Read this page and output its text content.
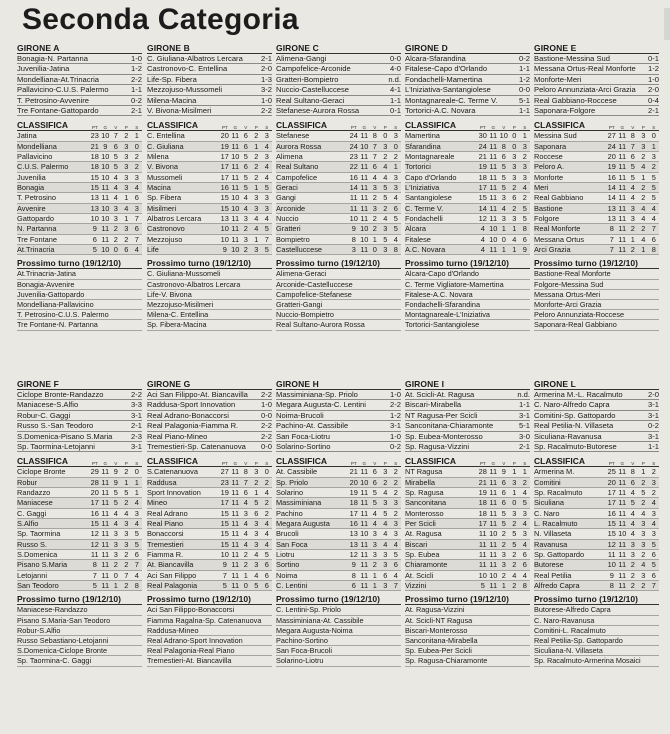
Seconda Categoria
GIRONE A
Bonagia-N. Partanna	1-0
Juvenilia-Jatina	1-2
Mondelliana-At.Trinacria	2-2
Pallavicino-C.U.S. Palermo	1-1
T. Petrosino-Avvenire	0-2
Tre Fontane-Gattopardo	2-1
CLASSIFICA	PT	G	V	P	S
Jatina	23 10 7 2 1
Mondelliana	21 9 6 3 0
Pallavicino	18 10 5 3 2
C.U.S. Palermo	18 10 5 3 2
Juvenilia	15 10 4 3 3
Bonagia	15 11 4 3 4
T. Petrosino	13 11 4 1 6
Avvenire	13 10 3 4 3
Gattopardo	10 10 3 1 7
N. Partanna	9 11 2 3 6
Tre Fontane	6 11 2 2 7
At.Trinacria	5 10 0 6 4
Prossimo turno (19/12/10)
At.Trinacria-Jatina
Bonagia-Avvenire
Juvenilia-Gattopardo
Mondelliana-Pallavicino
T. Petrosino-C.U.S. Palermo
Tre Fontane-N. Partanna
GIRONE B
C. Giuliana-Albatros Lercara	2-1
Castronovo-C. Entellina	2-0
Life-Sp. Fibera	1-3
Mezzojuso-Mussomeli	3-2
Milena-Macina	1-0
V. Bivona-Misilmeri	2-2
CLASSIFICA	PT	G	V	P	S
C. Entellina	20 11 6 2 3
C. Giuliana	19 11 6 1 4
Milena	17 10 5 2 3
V. Bivona	17 11 6 2 4
Mussomeli	17 11 5 2 4
Macina	16 11 5 1 5
Sp. Fibera	15 10 4 3 3
Misilmeri	15 10 4 3 3
Albatros Lercara	13 11 3 4 4
Castronovo	10 11 2 4 5
Mezzojuso	10 11 3 1 7
Life	9 10 2 3 5
Prossimo turno (19/12/10)
C. Giuliana-Mussomeli
Castronovo-Albatros Lercara
Life-V. Bivona
Mezzojuso-Misilmeri
Milena-C. Entellina
Sp. Fibera-Macina
GIRONE C
Alimena-Gangi	0-0
Campofelice-Arconide	4-0
Gratteri-Bompietro	n.d.
Nuccio-Castelluccese	4-1
Real Sultano-Geraci	1-1
Stefanese-Aurora Rossa	0-1
CLASSIFICA	PT	G	V	P	S
Stefanese	24 11 8 0 3
Aurora Rossa	24 10 7 3 0
Alimena	23 11 7 2 2
Real Sultano	22 11 6 4 1
Campofelice	16 11 4 4 3
Geraci	14 11 3 5 3
Gangi	11 11 2 5 4
Arconide	11 11 3 2 6
Nuccio	10 11 2 4 5
Gratteri	9 10 2 3 5
Bompietro	8 10 1 5 4
Castelluccese	3 11 0 3 8
Prossimo turno (19/12/10)
Alimena-Geraci
Arconide-Castelluccese
Campofelice-Stefanese
Gratteri-Gangi
Nuccio-Bompietro
Real Sultano-Aurora Rossa
GIRONE D
Alcara-Sfarandina	0-2
Fitalese-Capo d'Orlando	1-1
Fondachelli-Mamertina	1-2
L'Iniziativa-Santangiolese	0-0
Montagnareale-C. Terme V.	5-1
Tortorici-A.C. Novara	1-1
CLASSIFICA	PT	G	V	P	S
Mamertina	30 11 10 0 1
Sfarandina	24 11 8 0 3
Montagnareale	21 11 6 3 2
Tortorici	19 11 5 3 3
Capo d'Orlando	18 11 5 3 3
L'Iniziativa	17 11 5 2 4
Santangiolese	15 11 3 6 2
C. Terme V.	14 11 4 2 5
Fondachelli	12 11 3 3 5
Alcara	4 10 1 1 8
Fitalese	4 10 0 4 6
A.C. Novara	4 11 1 1 9
Prossimo turno (19/12/10)
Alcara-Capo d'Orlando
C. Terme Vigliatore-Mamertina
Fitalese-A.C. Novara
Fondachelli-Sfarandina
Montagnareale-L'Iniziativa
Tortorici-Santangiolese
GIRONE E
Bastione-Messina Sud	0-1
Messana Ortus-Real Monforte	1-2
Monforte-Meri	1-0
Peloro Annunziata-Arci Grazia	2-0
Real Gabbiano-Roccese	0-4
Saponara-Folgore	2-1
CLASSIFICA	PT	G	V	P	S
Messina Sud	27 11 8 3 0
Saponara	24 11 7 3 1
Roccese	20 11 6 2 3
Peloro A.	19 11 5 4 2
Monforte	16 11 5 1 5
Meri	14 11 4 2 5
Real Gabbiano	14 11 4 2 5
Bastione	13 11 3 4 4
Folgore	13 11 3 4 4
Real Monforte	8 11 2 2 7
Messana Ortus	7 11 1 4 6
Arci Grazia	7 11 2 1 8
Prossimo turno (19/12/10)
Bastione-Real Monforte
Folgore-Messina Sud
Messana Ortus-Meri
Monforte-Arci Grazia
Peloro Annunziata-Roccese
Saponara-Real Gabbiano
GIRONE F
Ciclope Bronte-Randazzo	2-2
Maniacese-S.Alfio	3-3
Robur-C. Gaggi	3-1
Russo S.-San Teodoro	2-1
S.Domenica-Pisano S.Maria	2-3
Sp. Taormina-Letojanni	3-1
CLASSIFICA	PT	G	V	P	S
Ciclope Bronte	29 11 9 2 0
Robur	28 11 9 1 1
Randazzo	20 11 5 5 1
Maniacese	17 11 5 2 4
C. Gaggi	16 11 4 4 3
S.Alfio	15 11 4 3 4
Sp. Taormina	12 11 3 3 5
Russo S.	12 11 3 3 5
S.Domenica	11 11 3 2 6
Pisano S.Maria	8 11 2 2 7
Letojanni	7 11 0 7 4
San Teodoro	5 11 1 2 8
Prossimo turno (19/12/10)
Maniacese-Randazzo
Pisano S.Maria-San Teodoro
Robur-S.Alfio
Russo Sebastiano-Letojanni
S.Domenica-Ciclope Bronte
Sp. Taormina-C. Gaggi
GIRONE G
Aci San Filippo-At. Biancavilla	2-2
Raddusa-Sport Innovation	1-0
Real Adrano-Bonaccorsi	0-0
Real Palagonia-Fiamma R.	2-2
Real Piano-Mineo	2-2
Tremestieri-Sp. Catenanuova	0-0
CLASSIFICA	PT	G	V	P	S
S.Catenanuova	27 11 8 3 0
Raddusa	23 11 7 2 2
Sport Innovation	19 11 6 1 4
Mineo	17 11 4 5 2
Real Adrano	15 11 3 6 2
Real Piano	15 11 4 3 4
Bonaccorsi	15 11 4 3 4
Tremestieri	15 11 4 3 4
Fiamma R.	10 11 2 4 5
At. Biancavilla	9 11 2 3 6
Aci San Filippo	7 11 1 4 6
Real Palagonia	5 11 0 5 6
Prossimo turno (19/12/10)
Aci San Filippo-Bonaccorsi
Fiamma Ragalna-Sp. Catenanuova
Raddusa-Mineo
Real Adrano-Sport Innovation
Real Palagonia-Real Piano
Tremestieri-At. Biancavilla
GIRONE H
Massiminiana-Sp. Priolo	1-0
Megara Augusta-C. Lentini	2-2
Noima-Brucoli	1-2
Pachino-At. Cassibile	3-1
San Foca-Liotru	1-0
Solarino-Sortino	0-2
CLASSIFICA	PT	G	V	P	S
At. Cassibile	21 11 6 3 2
Sp. Priolo	20 10 6 2 2
Solarino	19 11 5 4 2
Massiminiana	18 11 5 3 3
Pachino	17 11 4 5 2
Megara Augusta	16 11 4 4 3
Brucoli	13 10 3 4 3
San Foca	13 11 3 4 4
Liotru	12 11 3 3 5
Sortino	9 11 2 3 6
Noima	8 11 1 6 4
C. Lentini	6 11 1 3 7
Prossimo turno (19/12/10)
C. Lentini-Sp. Priolo
Massiminiana-At. Cassibile
Megara Augusta-Noima
Pachino-Sortino
San Foca-Brucoli
Solarino-Liotru
GIRONE I
At. Scicli-At. Ragusa	n.d.
Biscari-Mirabella	1-1
NT Ragusa-Per Scicli	3-1
Sanconitana-Chiaramonte	5-1
Sp. Eubea-Monterosso	3-0
Sp. Ragusa-Vizzini	2-1
CLASSIFICA	PT	G	V	P	S
NT Ragusa	28 11 9 1 1
Mirabella	21 11 6 3 2
Sp. Ragusa	19 11 6 1 4
Sanconitana	18 11 6 0 5
Monterosso	18 11 5 3 3
Per Scicli	17 11 5 2 4
At. Ragusa	11 10 2 5 3
Biscari	11 11 2 5 4
Sp. Eubea	11 11 3 2 6
Chiaramonte	11 11 3 2 6
At. Scicli	10 10 2 4 4
Vizzini	5 11 1 2 8
Prossimo turno (19/12/10)
At. Ragusa-Vizzini
At. Scicli-NT Ragusa
Biscari-Monterosso
Sanconitana-Mirabella
Sp. Eubea-Per Scicli
Sp. Ragusa-Chiaramonte
GIRONE L
Armerina M.-L. Racalmuto	2-0
C. Naro-Alfredo Capra	3-1
Comitini-Sp. Gattopardo	3-1
Real Petilia-N. Villaseta	0-2
Siculiana-Ravanusa	3-1
Sp. Racalmuto-Butorese	1-1
CLASSIFICA	PT	G	V	P	S
Armerina M.	25 11 8 1 2
Comitini	20 11 6 2 3
Sp. Racalmuto	17 11 4 5 2
Siculiana	17 11 5 2 4
C. Naro	16 11 4 4 3
L. Racalmuto	15 11 4 3 4
N. Villaseta	15 10 4 3 3
Ravanusa	12 11 3 3 5
Sp. Gattopardo	11 11 3 2 6
Butorese	10 11 2 4 5
Real Petilia	9 11 2 3 6
Alfredo Capra	8 11 2 2 7
Prossimo turno (19/12/10)
Butorese-Alfredo Capra
C. Naro-Ravanusa
Comitini-L. Racalmuto
Real Petilia-Sp. Gattopardo
Siculiana-N. Villaseta
Sp. Racalmuto-Armerina Mosaici
